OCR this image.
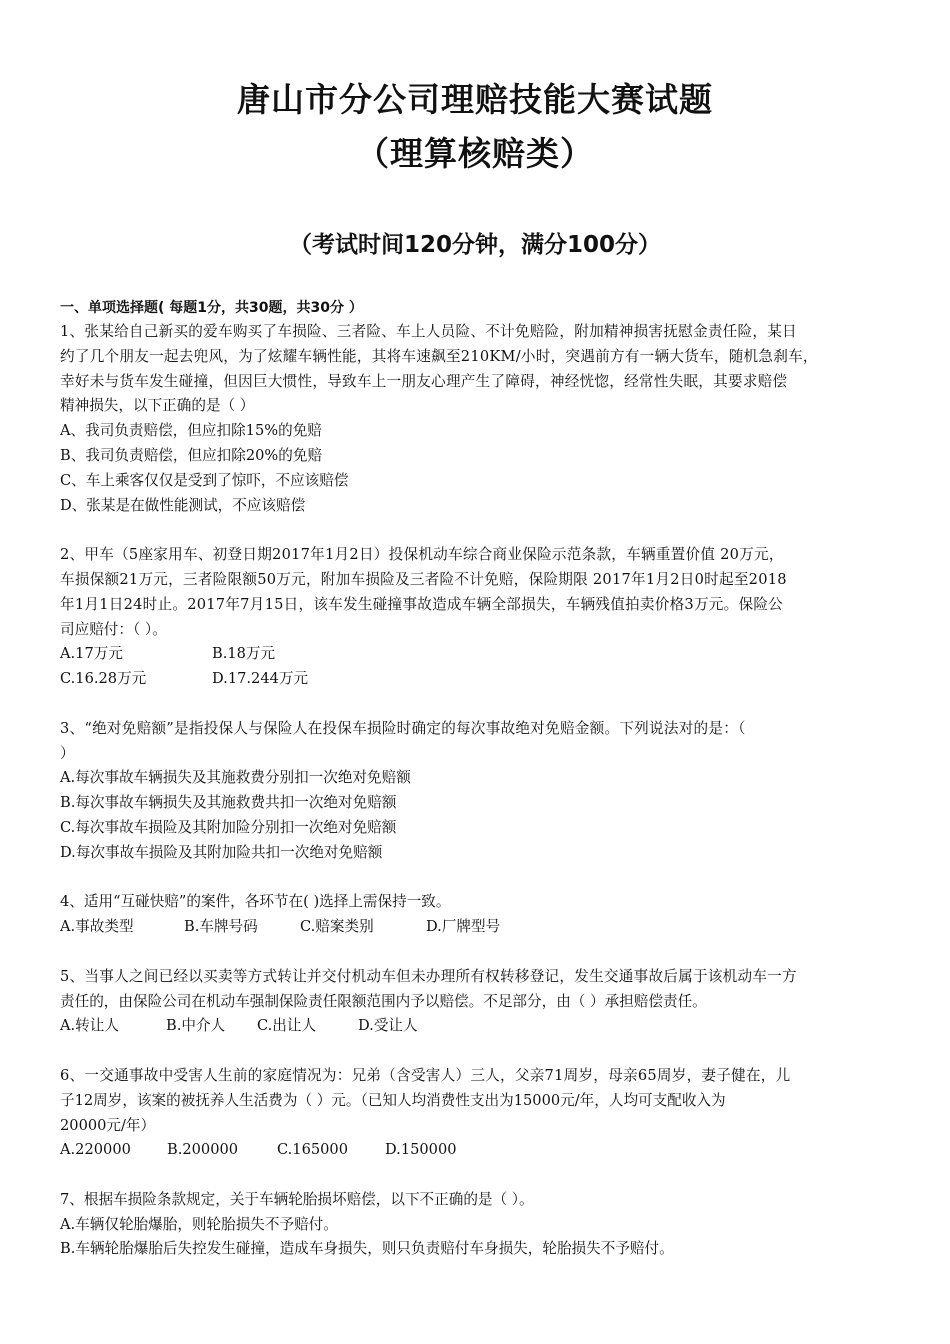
唐山市分公司理赔技能大赛试题
（理算核赔类）
（考试时间120分钟，满分100分）
一、单项选择题( 每题1分，共30题，共30分 ）
1、张某给自己新买的爱车购买了车损险、三者险、车上人员险、不计免赔险，附加精神损害抚慰金责任险，某日
约了几个朋友一起去兜风，为了炫耀车辆性能，其将车速飙至210KM/小时，突遇前方有一辆大货车，随机急刹车，
幸好未与货车发生碰撞，但因巨大惯性，导致车上一朋友心理产生了障碍，神经恍惚，经常性失眠，其要求赔偿
精神损失，以下正确的是（ ）
A、我司负责赔偿，但应扣除15%的免赔
B、我司负责赔偿，但应扣除20%的免赔
C、车上乘客仅仅是受到了惊吓，不应该赔偿
D、张某是在做性能测试，不应该赔偿
2、甲车（5座家用车、初登日期2017年1月2日）投保机动车综合商业保险示范条款，车辆重置价值 20万元，
车损保额21万元，三者险限额50万元，附加车损险及三者险不计免赔，保险期限 2017年1月2日0时起至2018
年1月1日24时止。2017年7月15日，该车发生碰撞事故造成车辆全部损失，车辆残值拍卖价格3万元。保险公
司应赔付：（ ）。
A.17万元	B.18万元
C.16.28万元	D.17.244万元
3、“绝对免赔额”是指投保人与保险人在投保车损险时确定的每次事故绝对免赔金额。下列说法对的是：（
）
A.每次事故车辆损失及其施救费分别扣一次绝对免赔额
B.每次事故车辆损失及其施救费共扣一次绝对免赔额
C.每次事故车损险及其附加险分别扣一次绝对免赔额
D.每次事故车损险及其附加险共扣一次绝对免赔额
4、适用“互碰快赔”的案件，各环节在( )选择上需保持一致。
A.事故类型	B.车牌号码	C.赔案类别	D.厂牌型号
5、当事人之间已经以买卖等方式转让并交付机动车但未办理所有权转移登记，发生交通事故后属于该机动车一方
责任的，由保险公司在机动车强制保险责任限额范围内予以赔偿。不足部分，由（ ）承担赔偿责任。
A.转让人	B.中介人	C.出让人	D.受让人
6、一交通事故中受害人生前的家庭情况为：兄弟（含受害人）三人，父亲71周岁，母亲65周岁，妻子健在，儿
子12周岁，该案的被抚养人生活费为（ ）元。（已知人均消费性支出为15000元/年，人均可支配收入为
20000元/年）
A.220000	B.200000	C.165000	D.150000
7、根据车损险条款规定，关于车辆轮胎损坏赔偿，以下不正确的是（ ）。
A.车辆仅轮胎爆胎，则轮胎损失不予赔付。
B.车辆轮胎爆胎后失控发生碰撞，造成车身损失，则只负责赔付车身损失，轮胎损失不予赔付。
